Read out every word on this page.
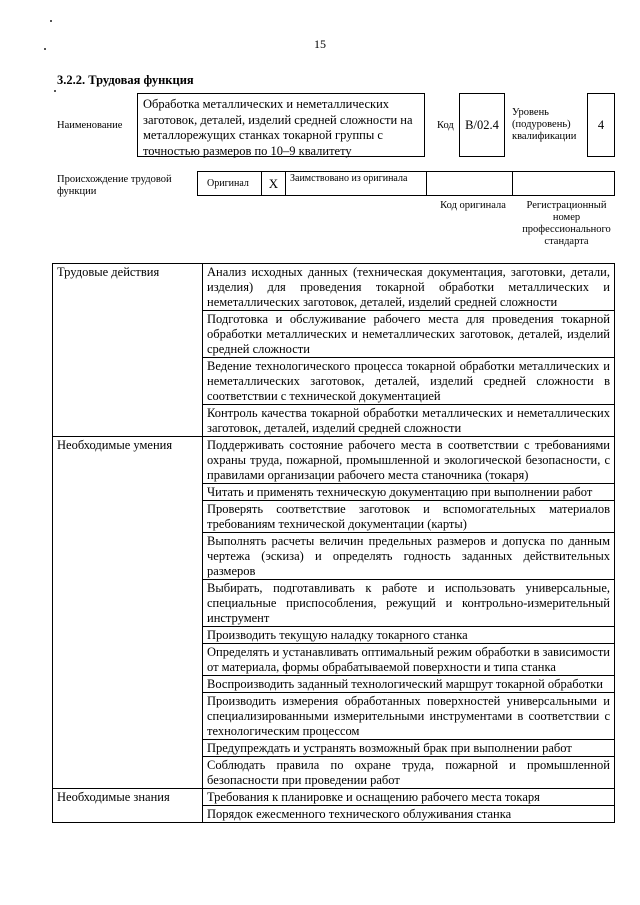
15
3.2.2. Трудовая функция
Наименование
Обработка металлических и неметаллических заготовок, деталей, изделий средней сложности на металлорежущих станках токарной группы с точностью размеров по 10–9 квалитету
Код В/02.4
Уровень (подуровень) квалификации
4
Происхождение трудовой функции
Оригинал X	Заимствовано из оригинала
Код оригинала	Регистрационный номер профессионального стандарта
Трудовые действия	Анализ исходных данных (техническая документация, заготовки, детали, изделия) для проведения токарной обработки металлических и неметаллических заготовок, деталей, изделий средней сложности
	Подготовка и обслуживание рабочего места для проведения токарной обработки металлических и неметаллических заготовок, деталей, изделий средней сложности
	Ведение технологического процесса токарной обработки металлических и неметаллических заготовок, деталей, изделий средней сложности в соответствии с технической документацией
	Контроль качества токарной обработки металлических и неметаллических заготовок, деталей, изделий средней сложности
Необходимые умения	Поддерживать состояние рабочего места в соответствии с требованиями охраны труда, пожарной, промышленной и экологической безопасности, с правилами организации рабочего места станочника (токаря)
	Читать и применять техническую документацию при выполнении работ
	Проверять соответствие заготовок и вспомогательных материалов требованиям технической документации (карты)
	Выполнять расчеты величин предельных размеров и допуска по данным чертежа (эскиза) и определять годность заданных действительных размеров
	Выбирать, подготавливать к работе и использовать универсальные, специальные приспособления, режущий и контрольно-измерительный инструмент
	Производить текущую наладку токарного станка
	Определять и устанавливать оптимальный режим обработки в зависимости от материала, формы обрабатываемой поверхности и типа станка
	Воспроизводить заданный технологический маршрут токарной обработки
	Производить измерения обработанных поверхностей универсальными и специализированными измерительными инструментами в соответствии с технологическим процессом
	Предупреждать и устранять возможный брак при выполнении работ
	Соблюдать правила по охране труда, пожарной и промышленной безопасности при проведении работ
Необходимые знания	Требования к планировке и оснащению рабочего места токаря
	Порядок ежесменного технического облуживания станка
